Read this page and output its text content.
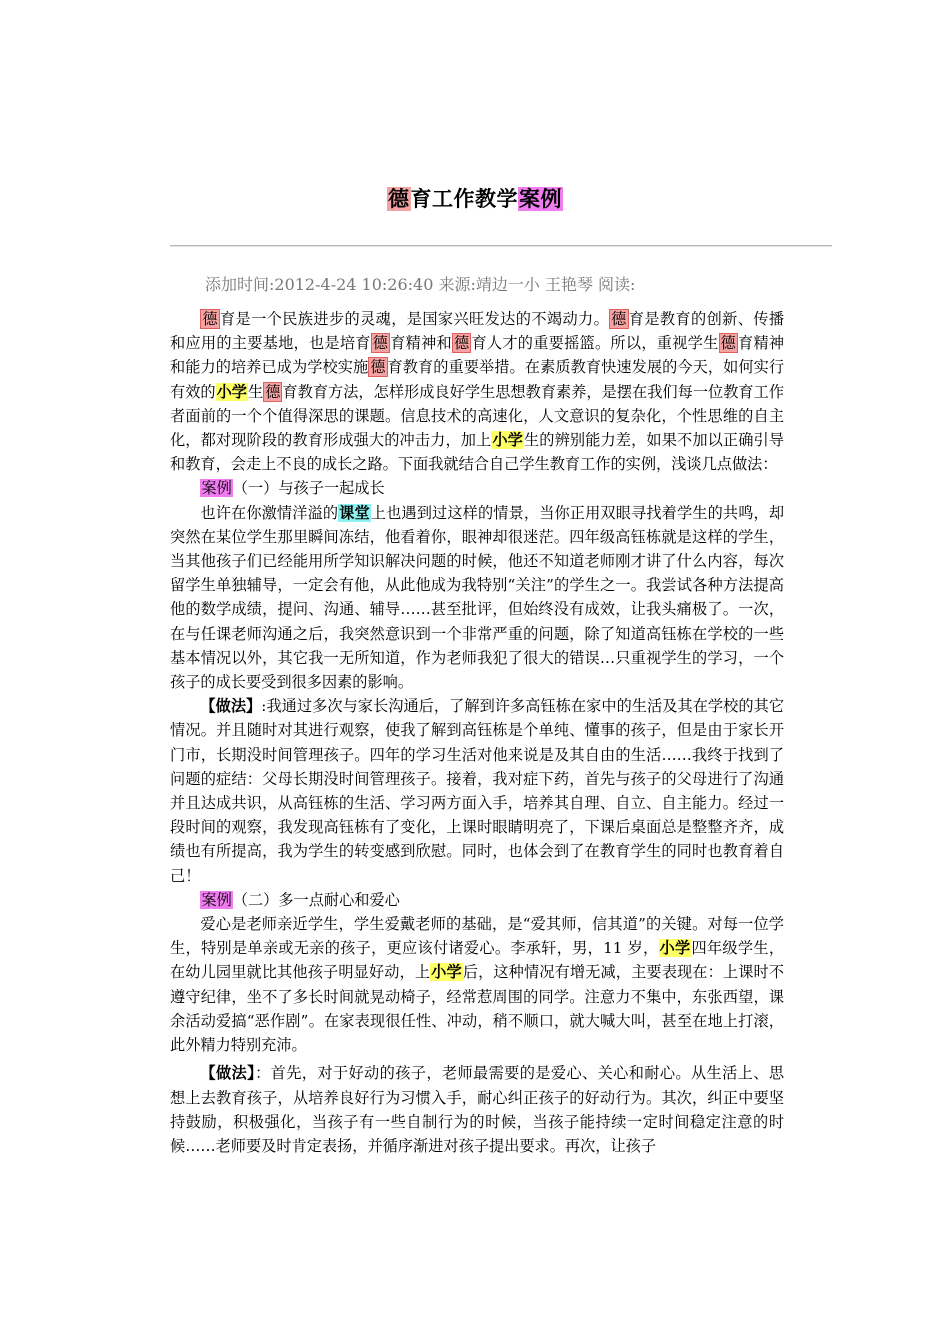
德育工作教学案例
添加时间:2012-4-24 10:26:40 来源:靖边一小 王艳琴 阅读:

德 育是一个民族进步的灵魂，是国家兴旺发达的不竭动力。 德 育是教育的创新、传播和应用的主要基地，也是培育 德 育精神和 德 育人才的重要摇篮。所以，重视学生 德 育精神和能力的培养已成为学校实施 德 育教育的重要举措。在素质教育快速发展的今天，如何实行有效的小学生 德 育教育方法，怎样形成良好学生思想教育素养，是摆在我们每一位教育工作者面前的一个个值得深思的课题。信息技术的高速化，人文意识的复杂化，个性思维的自主化，都对现阶段的教育形成强大的冲击力，加上小学生的辨别能力差，如果不加以正确引导和教育，会走上不良的成长之路。下面我就结合自己学生教育工作的实例，浅谈几点做法：

案例（一）与孩子一起成长

也许在你激情洋溢的课堂上也遇到过这样的情景，当你正用双眼寻找着学生的共鸣，却突然在某位学生那里瞬间冻结，他看着你，眼神却很迷茫。四年级高钰栋就是这样的学生，当其他孩子们已经能用所学知识解决问题的时候，他还不知道老师刚才讲了什么内容，每次留学生单独辅导，一定会有他，从此他成为我特别“关注”的学生之一。我尝试各种方法提高他的数学成绩，提问、沟通、辅导……甚至批评，但始终没有成效，让我头痛极了。一次，在与任课老师沟通之后，我突然意识到一个非常严重的问题，除了知道高钰栋在学校的一些基本情况以外，其它我一无所知道，作为老师我犯了很大的错误…只重视学生的学习，一个孩子的成长要受到很多因素的影响。

【做法】:我通过多次与家长沟通后，了解到许多高钰栋在家中的生活及其在学校的其它情况。并且随时对其进行观察，使我了解到高钰栋是个单纯、懂事的孩子，但是由于家长开门市，长期没时间管理孩子。四年的学习生活对他来说是及其自由的生活……我终于找到了问题的症结：父母长期没时间管理孩子。接着，我对症下药，首先与孩子的父母进行了沟通并且达成共识，从高钰栋的生活、学习两方面入手，培养其自理、自立、自主能力。经过一段时间的观察，我发现高钰栋有了变化，上课时眼睛明亮了，下课后桌面总是整整齐齐，成绩也有所提高，我为学生的转变感到欣慰。同时，也体会到了在教育学生的同时也教育着自己！

案例（二）多一点耐心和爱心

爱心是老师亲近学生，学生爱戴老师的基础，是“爱其师，信其道”的关键。对每一位学生，特别是单亲或无亲的孩子，更应该付诸爱心。李承轩，男，11 岁，小学四年级学生，在幼儿园里就比其他孩子明显好动，上小学后，这种情况有增无减，主要表现在：上课时不遵守纪律，坐不了多长时间就晃动椅子，经常惹周围的同学。注意力不集中，东张西望，课余活动爱搞“恶作剧”。在家表现很任性、冲动，稍不顺口，就大喊大叫，甚至在地上打滚，此外精力特别充沛。

【做法】：首先，对于好动的孩子，老师最需要的是爱心、关心和耐心。从生活上、思想上去教育孩子，从培养良好行为习惯入手，耐心纠正孩子的好动行为。其次，纠正中要坚持鼓励，积极强化，当孩子有一些自制行为的时候，当孩子能持续一定时间稳定注意的时候……老师要及时肯定表扬，并循序渐进对孩子提出要求。再次，让孩子
